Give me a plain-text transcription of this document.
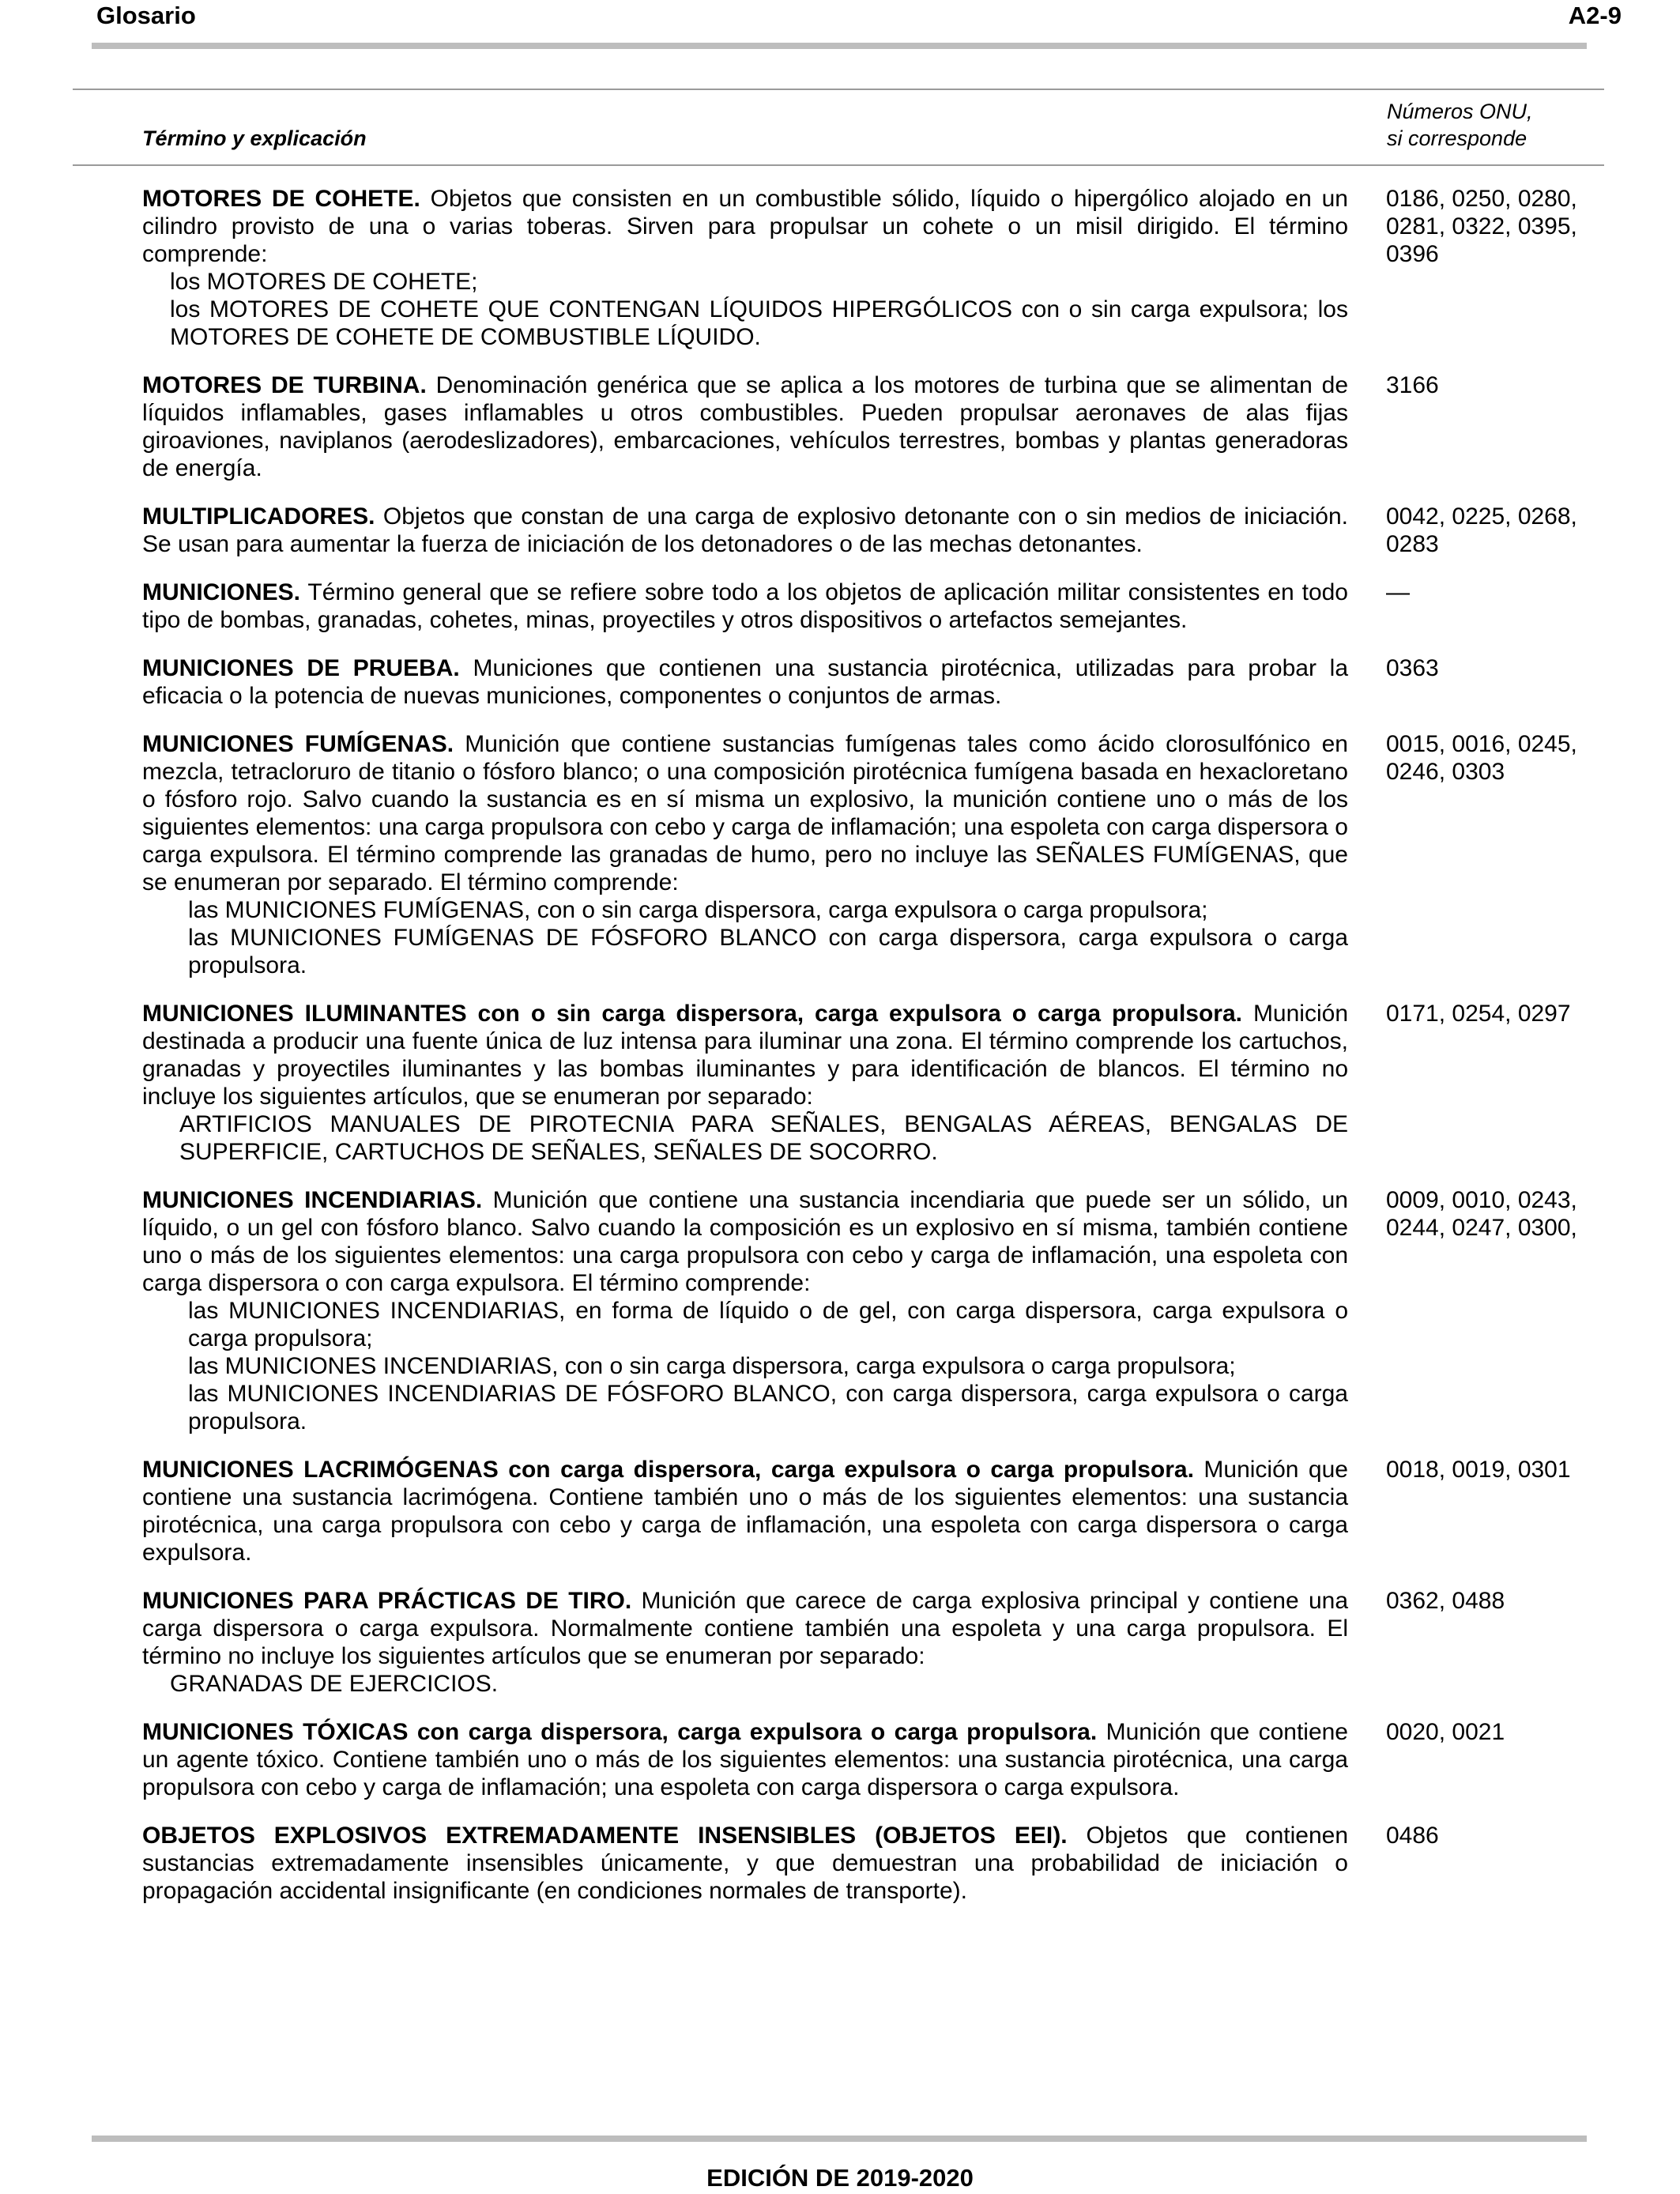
Glosario	A2-9
Término y explicación
Números ONU,
si corresponde
MOTORES DE COHETE. Objetos que consisten en un combustible sólido, líquido o hipergólico alojado en un cilindro provisto de una o varias toberas. Sirven para propulsar un cohete o un misil dirigido. El término comprende:
los MOTORES DE COHETE;
los MOTORES DE COHETE QUE CONTENGAN LÍQUIDOS HIPERGÓLICOS con o sin carga expulsora; los MOTORES DE COHETE DE COMBUSTIBLE LÍQUIDO.
0186, 0250, 0280, 0281, 0322, 0395, 0396
MOTORES DE TURBINA. Denominación genérica que se aplica a los motores de turbina que se alimentan de líquidos inflamables, gases inflamables u otros combustibles. Pueden propulsar aeronaves de alas fijas giroaviones, naviplanos (aerodeslizadores), embarcaciones, vehículos terrestres, bombas y plantas generadoras de energía.
3166
MULTIPLICADORES. Objetos que constan de una carga de explosivo detonante con o sin medios de iniciación. Se usan para aumentar la fuerza de iniciación de los detonadores o de las mechas detonantes.
0042, 0225, 0268, 0283
MUNICIONES. Término general que se refiere sobre todo a los objetos de aplicación militar consistentes en todo tipo de bombas, granadas, cohetes, minas, proyectiles y otros dispositivos o artefactos semejantes.
—
MUNICIONES DE PRUEBA. Municiones que contienen una sustancia pirotécnica, utilizadas para probar la eficacia o la potencia de nuevas municiones, componentes o conjuntos de armas.
0363
MUNICIONES FUMÍGENAS. Munición que contiene sustancias fumígenas tales como ácido clorosulfónico en mezcla, tetracloruro de titanio o fósforo blanco; o una composición pirotécnica fumígena basada en hexacloretano o fósforo rojo. Salvo cuando la sustancia es en sí misma un explosivo, la munición contiene uno o más de los siguientes elementos: una carga propulsora con cebo y carga de inflamación; una espoleta con carga dispersora o carga expulsora. El término comprende las granadas de humo, pero no incluye las SEÑALES FUMÍGENAS, que se enumeran por separado. El término comprende:
las MUNICIONES FUMÍGENAS, con o sin carga dispersora, carga expulsora o carga propulsora;
las MUNICIONES FUMÍGENAS DE FÓSFORO BLANCO con carga dispersora, carga expulsora o carga propulsora.
0015, 0016, 0245, 0246, 0303
MUNICIONES ILUMINANTES con o sin carga dispersora, carga expulsora o carga propulsora. Munición destinada a producir una fuente única de luz intensa para iluminar una zona. El término comprende los cartuchos, granadas y proyectiles iluminantes y las bombas iluminantes y para identificación de blancos. El término no incluye los siguientes artículos, que se enumeran por separado:
ARTIFICIOS MANUALES DE PIROTECNIA PARA SEÑALES, BENGALAS AÉREAS, BENGALAS DE SUPERFICIE, CARTUCHOS DE SEÑALES, SEÑALES DE SOCORRO.
0171, 0254, 0297
MUNICIONES INCENDIARIAS. Munición que contiene una sustancia incendiaria que puede ser un sólido, un líquido, o un gel con fósforo blanco. Salvo cuando la composición es un explosivo en sí misma, también contiene uno o más de los siguientes elementos: una carga propulsora con cebo y carga de inflamación, una espoleta con carga dispersora o con carga expulsora. El término comprende:
las MUNICIONES INCENDIARIAS, en forma de líquido o de gel, con carga dispersora, carga expulsora o carga propulsora;
las MUNICIONES INCENDIARIAS, con o sin carga dispersora, carga expulsora o carga propulsora;
las MUNICIONES INCENDIARIAS DE FÓSFORO BLANCO, con carga dispersora, carga expulsora o carga propulsora.
0009, 0010, 0243, 0244, 0247, 0300,
MUNICIONES LACRIMÓGENAS con carga dispersora, carga expulsora o carga propulsora. Munición que contiene una sustancia lacrimógena. Contiene también uno o más de los siguientes elementos: una sustancia pirotécnica, una carga propulsora con cebo y carga de inflamación, una espoleta con carga dispersora o carga expulsora.
0018, 0019, 0301
MUNICIONES PARA PRÁCTICAS DE TIRO. Munición que carece de carga explosiva principal y contiene una carga dispersora o carga expulsora. Normalmente contiene también una espoleta y una carga propulsora. El término no incluye los siguientes artículos que se enumeran por separado:
GRANADAS DE EJERCICIOS.
0362, 0488
MUNICIONES TÓXICAS con carga dispersora, carga expulsora o carga propulsora. Munición que contiene un agente tóxico. Contiene también uno o más de los siguientes elementos: una sustancia pirotécnica, una carga propulsora con cebo y carga de inflamación; una espoleta con carga dispersora o carga expulsora.
0020, 0021
OBJETOS EXPLOSIVOS EXTREMADAMENTE INSENSIBLES (OBJETOS EEI). Objetos que contienen sustancias extremadamente insensibles únicamente, y que demuestran una probabilidad de iniciación o propagación accidental insignificante (en condiciones normales de transporte).
0486
EDICIÓN DE 2019-2020
